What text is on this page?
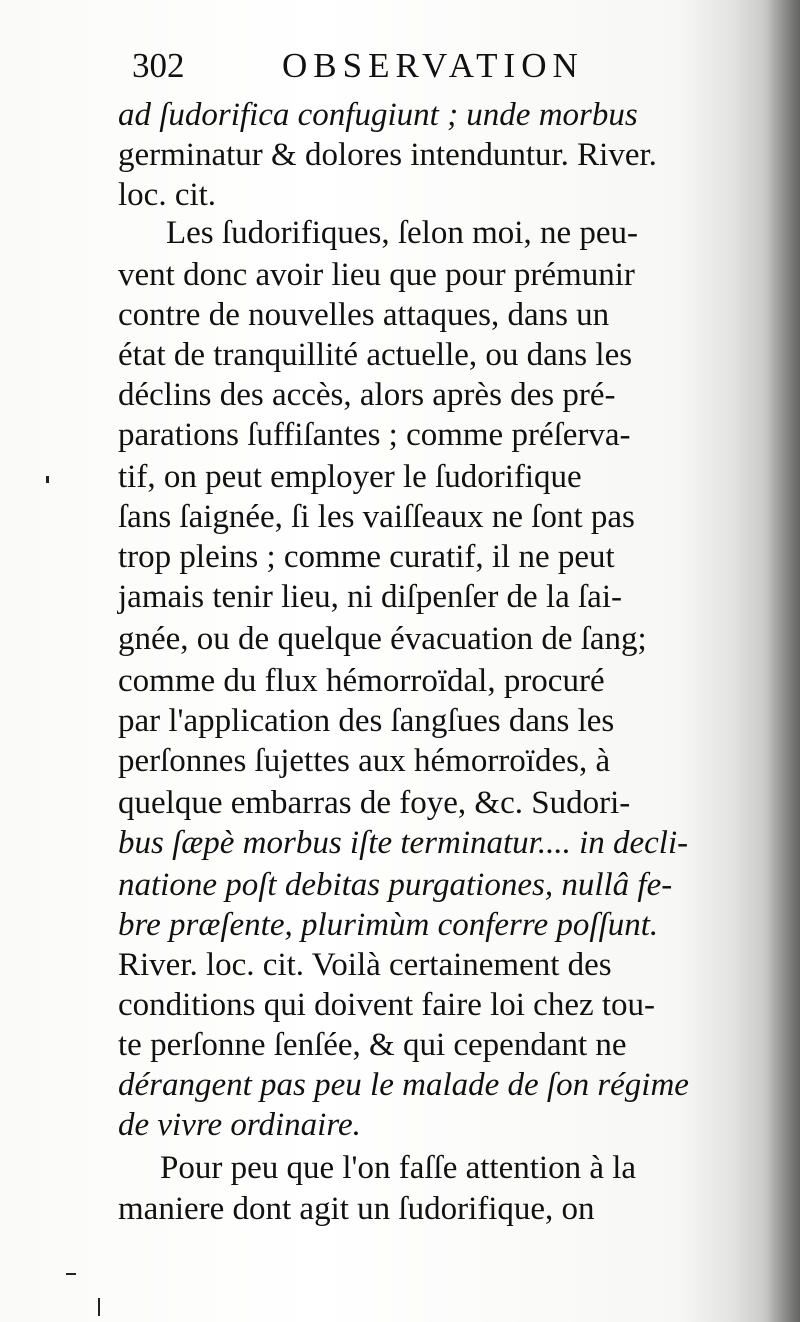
302	OBSERVATION
ad ſudorifica confugiunt ; unde morbus
germinatur & dolores intenduntur. River.
loc. cit.
Les ſudorifiques, ſelon moi, ne peu-
vent donc avoir lieu que pour prémunir
contre de nouvelles attaques, dans un
état de tranquillité actuelle, ou dans les
déclins des accès, alors après des pré-
parations ſuffiſantes ; comme préſerva-
tif, on peut employer le ſudorifique
ſans ſaignée, ſi les vaiſſeaux ne ſont pas
trop pleins ; comme curatif, il ne peut
jamais tenir lieu, ni diſpenſer de la ſai-
gnée, ou de quelque évacuation de ſang;
comme du flux hémorroïdal, procuré
par l'application des ſangſues dans les
perſonnes ſujettes aux hémorroïdes, à
quelque embarras de foye, &c. Sudori-
bus ſæpè morbus iſte terminatur.... in decli-
natione poſt debitas purgationes, nullâ fe-
bre præſente, plurimùm conferre poſſunt.
River. loc. cit. Voilà certainement des
conditions qui doivent faire loi chez tou-
te perſonne ſenſée, & qui cependant ne
dérangent pas peu le malade de ſon régime
de vivre ordinaire.
Pour peu que l'on faſſe attention à la
maniere dont agit un ſudorifique, on
